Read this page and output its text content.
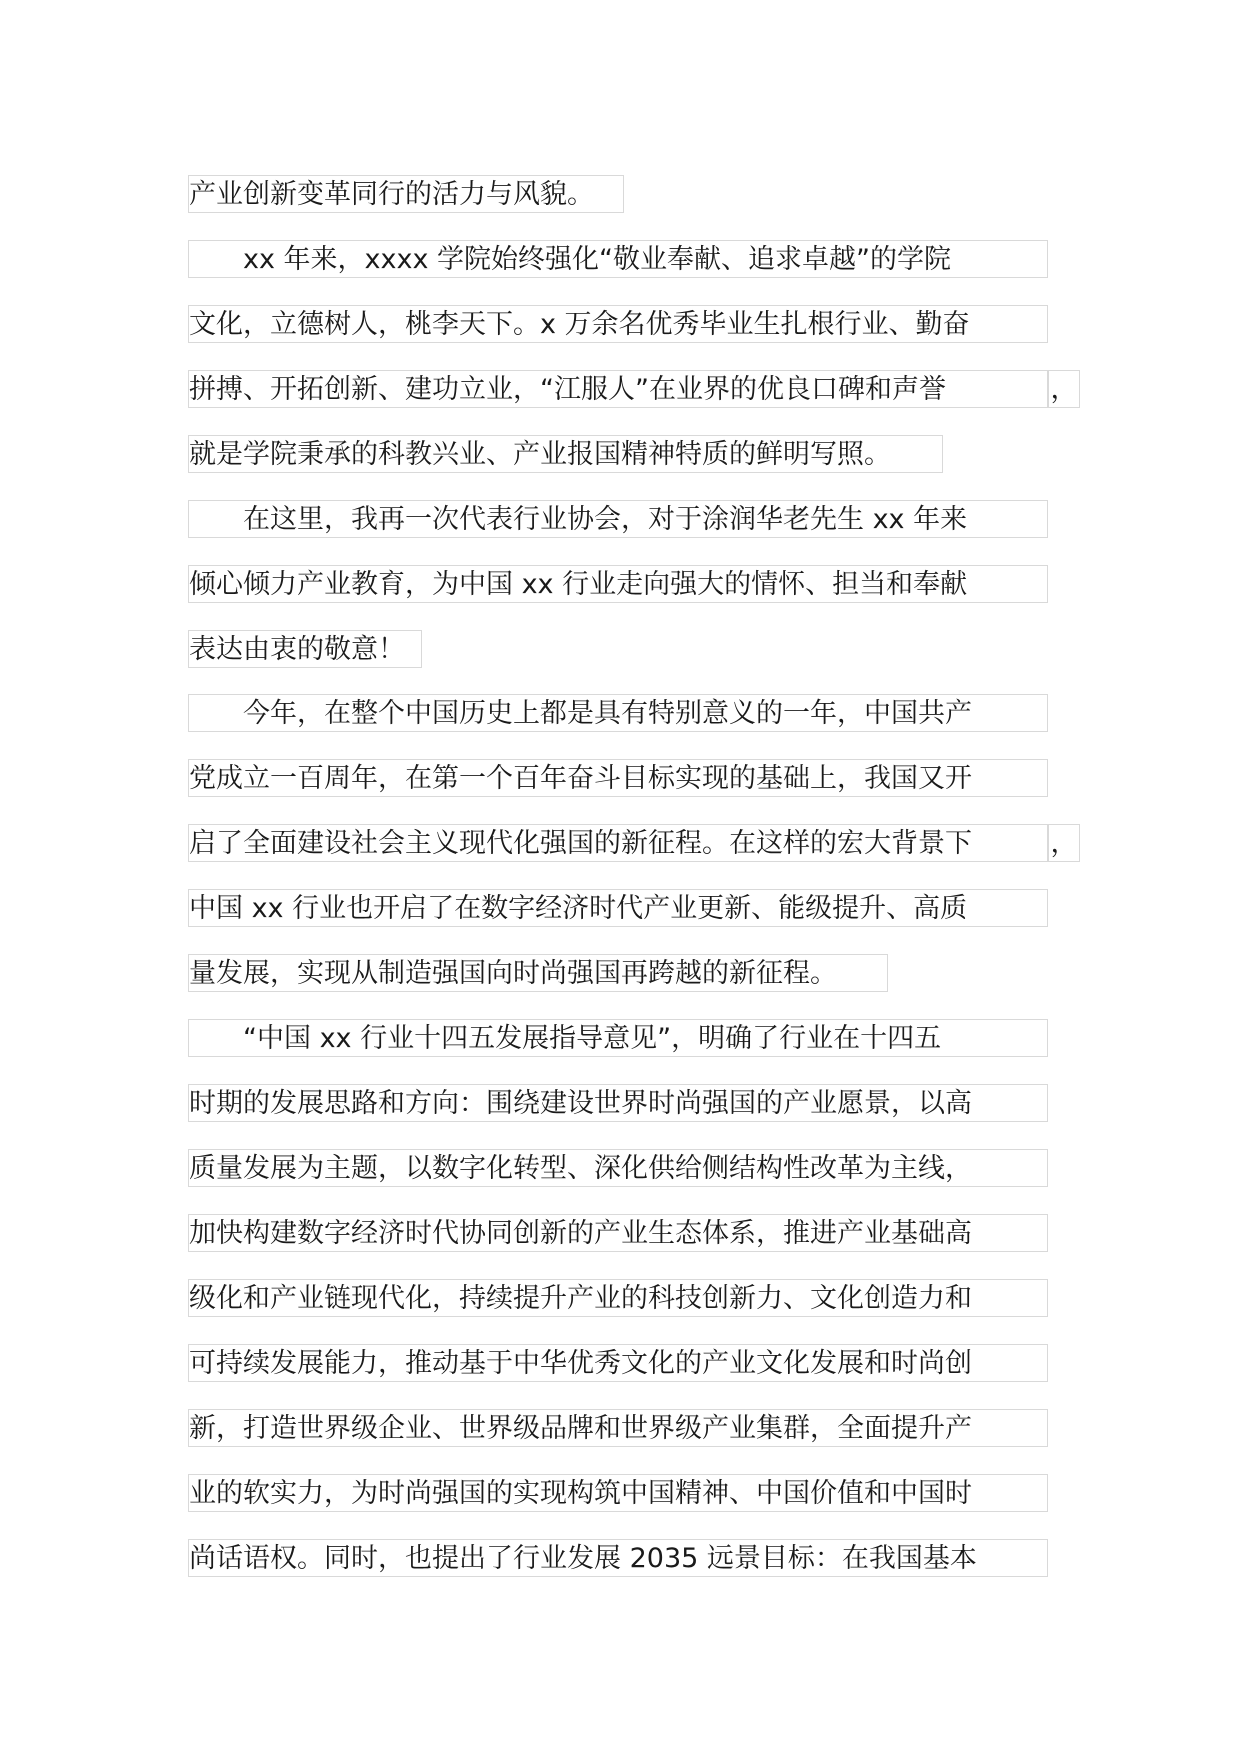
产业创新变革同行的活力与风貌。
　　xx 年来，xxxx 学院始终强化“敬业奉献、追求卓越”的学院
文化，立德树人，桃李天下。x 万余名优秀毕业生扎根行业、勤奋
拼搏、开拓创新、建功立业，“江服人”在业界的优良口碑和声誉	，
就是学院秉承的科教兴业、产业报国精神特质的鲜明写照。
　　在这里，我再一次代表行业协会，对于涂润华老先生 xx 年来
倾心倾力产业教育，为中国 xx 行业走向强大的情怀、担当和奉献
表达由衷的敬意！
　　今年，在整个中国历史上都是具有特别意义的一年，中国共产
党成立一百周年，在第一个百年奋斗目标实现的基础上，我国又开
启了全面建设社会主义现代化强国的新征程。在这样的宏大背景下	，
中国 xx 行业也开启了在数字经济时代产业更新、能级提升、高质
量发展，实现从制造强国向时尚强国再跨越的新征程。
　　“中国 xx 行业十四五发展指导意见”，明确了行业在十四五
时期的发展思路和方向：围绕建设世界时尚强国的产业愿景，以高
质量发展为主题，以数字化转型、深化供给侧结构性改革为主线，
加快构建数字经济时代协同创新的产业生态体系，推进产业基础高
级化和产业链现代化，持续提升产业的科技创新力、文化创造力和
可持续发展能力，推动基于中华优秀文化的产业文化发展和时尚创
新，打造世界级企业、世界级品牌和世界级产业集群，全面提升产
业的软实力，为时尚强国的实现构筑中国精神、中国价值和中国时
尚话语权。同时，也提出了行业发展 2035 远景目标：在我国基本
